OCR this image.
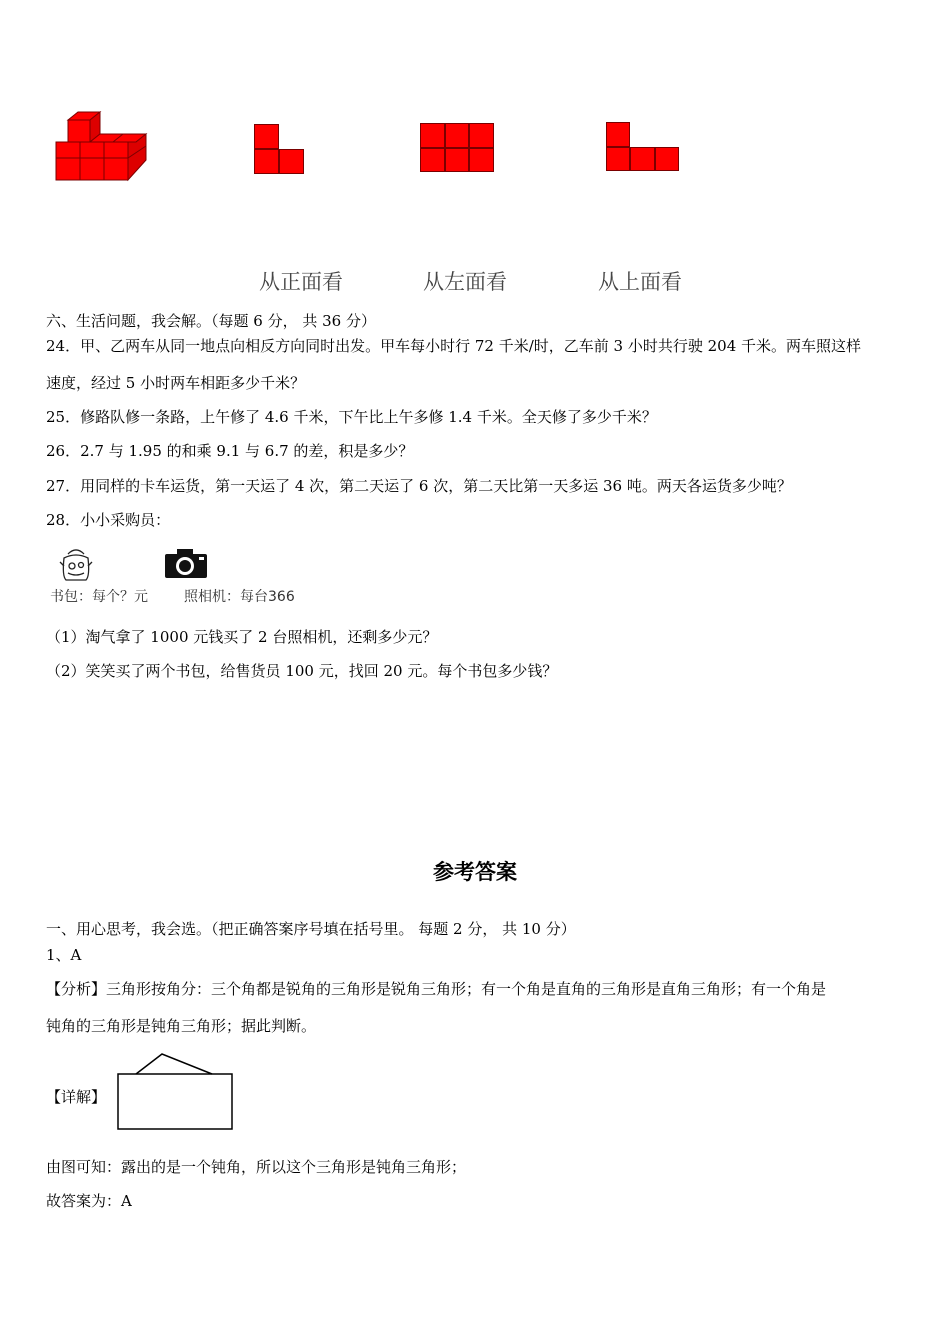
从正面看	从左面看	从上面看
六、生活问题，我会解。（每题 6 分， 共 36 分）
24．甲、乙两车从同一地点向相反方向同时出发。甲车每小时行 72 千米/时，乙车前 3 小时共行驶 204 千米。两车照这样
速度，经过 5 小时两车相距多少千米？
25．修路队修一条路，上午修了 4.6 千米，下午比上午多修 1.4 千米。全天修了多少千米？
26．2.7 与 1.95 的和乘 9.1 与 6.7 的差，积是多少？
27．用同样的卡车运货，第一天运了 4 次，第二天运了 6 次，第二天比第一天多运 36 吨。两天各运货多少吨？
28．小小采购员：
书包：每个？元	照相机：每台366
（1）淘气拿了 1000 元钱买了 2 台照相机，还剩多少元？
（2）笑笑买了两个书包，给售货员 100 元，找回 20 元。每个书包多少钱？
参考答案
一、用心思考，我会选。（把正确答案序号填在括号里。 每题 2 分， 共 10 分）
1、A
【分析】三角形按角分：三个角都是锐角的三角形是锐角三角形；有一个角是直角的三角形是直角三角形；有一个角是
钝角的三角形是钝角三角形；据此判断。
【详解】
由图可知：露出的是一个钝角，所以这个三角形是钝角三角形；
故答案为：A
